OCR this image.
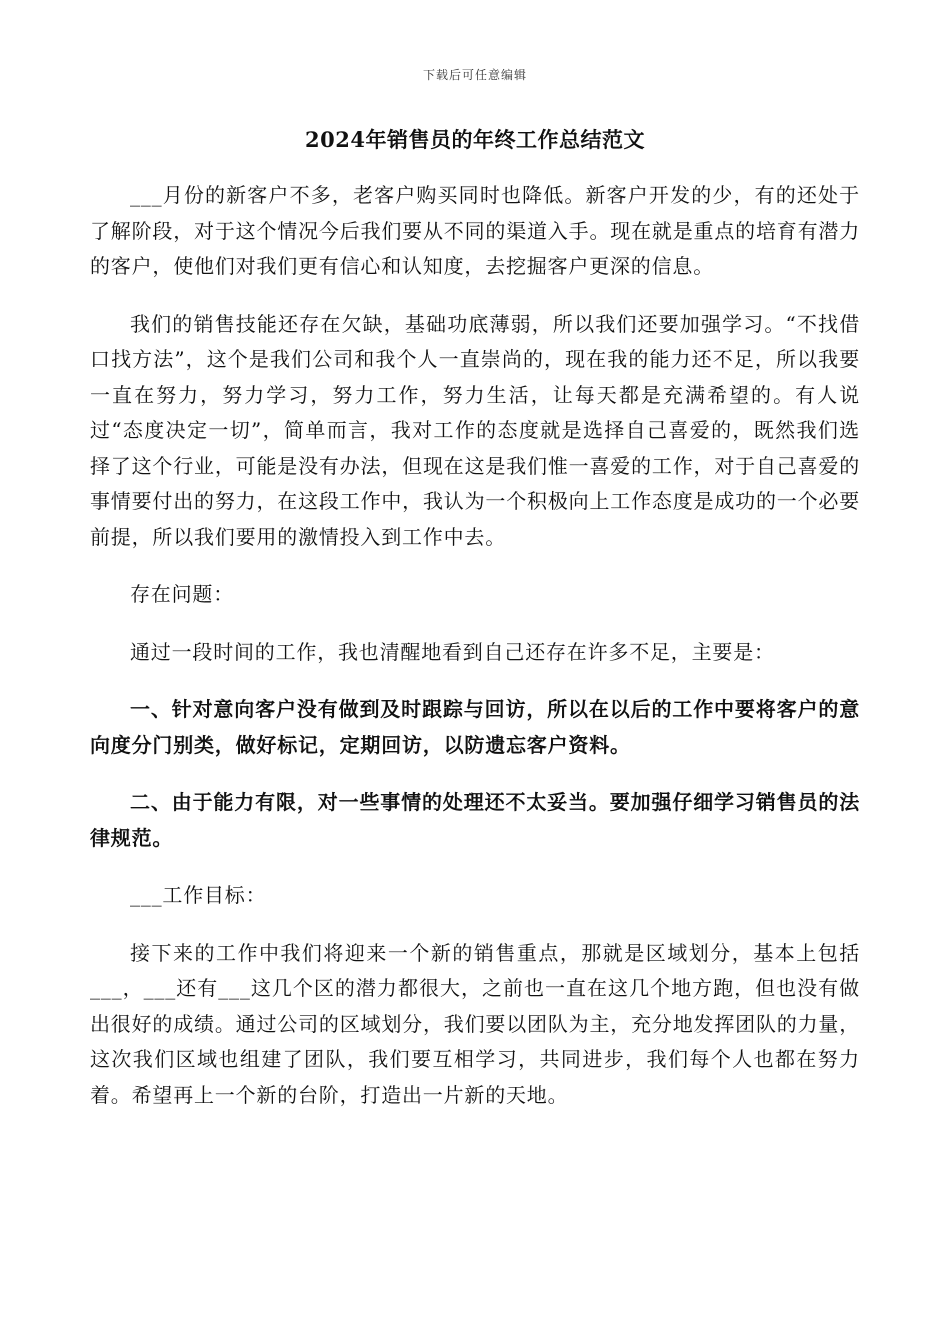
下载后可任意编辑
2024年销售员的年终工作总结范文

___月份的新客户不多，老客户购买同时也降低。新客户开发的少，有的还处于了解阶段，对于这个情况今后我们要从不同的渠道入手。现在就是重点的培育有潜力的客户，使他们对我们更有信心和认知度，去挖掘客户更深的信息。

我们的销售技能还存在欠缺，基础功底薄弱，所以我们还要加强学习。“不找借口找方法”，这个是我们公司和我个人一直崇尚的，现在我的能力还不足，所以我要一直在努力，努力学习，努力工作，努力生活，让每天都是充满希望的。有人说过“态度决定一切”，简单而言，我对工作的态度就是选择自己喜爱的，既然我们选择了这个行业，可能是没有办法，但现在这是我们惟一喜爱的工作，对于自己喜爱的事情要付出的努力，在这段工作中，我认为一个积极向上工作态度是成功的一个必要前提，所以我们要用的激情投入到工作中去。

存在问题：

通过一段时间的工作，我也清醒地看到自己还存在许多不足，主要是：

一、针对意向客户没有做到及时跟踪与回访，所以在以后的工作中要将客户的意向度分门别类，做好标记，定期回访，以防遗忘客户资料。

二、由于能力有限，对一些事情的处理还不太妥当。要加强仔细学习销售员的法律规范。

___工作目标：

接下来的工作中我们将迎来一个新的销售重点，那就是区域划分，基本上包括___，___还有___这几个区的潜力都很大，之前也一直在这几个地方跑，但也没有做出很好的成绩。通过公司的区域划分，我们要以团队为主，充分地发挥团队的力量，这次我们区域也组建了团队，我们要互相学习，共同进步，我们每个人也都在努力着。希望再上一个新的台阶，打造出一片新的天地。
